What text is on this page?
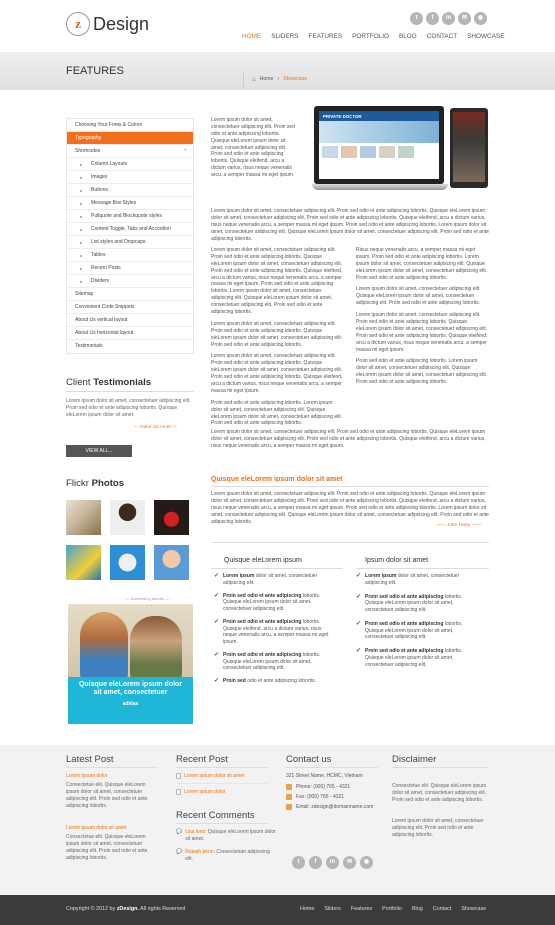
z Design	t	f	in	✉	◉
HOME SLIDERS FEATURES PORTFOLIO BLOG CONTACT SHOWCASE
FEATURES
⌂ Home › Showcase
Choosing Your Fonts & Colors
Typography
Shortcodes	+
Column Layouts
Images
Buttons
Message Box Styles
Pullquote and Blockquote styles
Content Toggle, Tabs and Accordion
List styles and Dropcaps
Tables
Recent Posts
Dividers
Sitemap
Convenient Code Snippets
About Us vertical layout
About Us horizontal layout
Testimonials
Client Testimonials

Lorem ipsum dolor sit amet, consectetuer adipiscing elit. Proin sed odio et ante adipiscing lobortis. Quisque eleLorem ipsum dolor sit amet.

— Dolor Sit Amet —
VIEW ALL...
Flickr Photos
— Advertising banner —
Quisque eleLorem ipsum dolor sit amet, consectetuer
adidas

Lorem ipsum dolor sit amet, consectetuer adipiscing elit. Proin sed odio et ante adipiscing lobortis. Quisque eleLorem ipsum dolor sit amet, consectetuer adipiscing elit. Proin sed odio et ante adipiscing lobortis. Quisque eleifend, arcu a dictum varius, risus neque venenatis arcu, a semper massa mi eget ipsum.

PRIVATE DOCTOR

Lorem ipsum dolor sit amet, consectetuer adipiscing elit. Proin sed odio et ante adipiscing lobortis. Quisque eleLorem ipsum dolor sit amet, consectetuer adipiscing elit. Proin sed odio et ante adipiscing lobortis. Quisque eleifend, arcu a dictum varius, risus neque venenatis arcu, a semper massa mi eget ipsum. Proin sed odio et ante adipiscing lobortis. Lorem ipsum dolor sit amet, consectetuer adipiscing elit. Quisque eleLorem ipsum dolor sit amet, consectetuer adipiscing elit. Proin sed odio et ante adipiscing lobortis.

Lorem ipsum dolor sit amet, consectetuer adipiscing elit. Proin sed odio et ante adipiscing lobortis. Quisque eleLorem ipsum dolor sit amet, consectetuer adipiscing elit. Proin sed odio et ante adipiscing lobortis. Quisque eleifend, arcu a dictum varius, risus neque venenatis arcu, a semper massa mi eget ipsum. Proin sed odio et ante adipiscing lobortis. Lorem ipsum dolor sit amet, consectetuer adipiscing elit. Quisque eleLorem ipsum dolor sit amet, consectetuer adipiscing elit. Proin sed odio et ante adipiscing lobortis.

Lorem ipsum dolor sit amet, consectetuer adipiscing elit. Proin sed odio et ante adipiscing lobortis. Quisque eleLorem ipsum dolor sit amet, consectetuer adipiscing elit. Proin sed odio et ante adipiscing lobortis.

Lorem ipsum dolor sit amet, consectetuer adipiscing elit. Proin sed odio et ante adipiscing lobortis. Quisque eleLorem ipsum dolor sit amet, consectetuer adipiscing elit. Proin sed odio et ante adipiscing lobortis. Quisque eleifend, arcu a dictum varius, risus neque venenatis arcu, a semper massa mi eget ipsum.

Proin sed odio et ante adipiscing lobortis. Lorem ipsum dolor sit amet, consectetuer adipiscing elit. Quisque eleLorem ipsum dolor sit amet, consectetuer adipiscing elit. Proin sed odio et ante adipiscing lobortis.

Risus neque venenatis arcu, a semper massa mi eget ipsum. Proin sed odio et ante adipiscing lobortis. Lorem ipsum dolor sit amet, consectetuer adipiscing elit. Quisque eleLorem ipsum dolor sit amet, consectetuer adipiscing elit. Proin sed odio et ante adipiscing lobortis.

Lorem ipsum dolor sit amet, consectetuer adipiscing elit. Quisque eleLorem ipsum dolor sit amet, consectetuer adipiscing elit. Proin sed odio et ante adipiscing lobortis.

Lorem ipsum dolor sit amet, consectetuer adipiscing elit. Proin sed odio et ante adipiscing lobortis. Quisque eleLorem ipsum dolor sit amet, consectetuer adipiscing elit. Proin sed odio et ante adipiscing lobortis. Quisque eleifend, arcu a dictum varius, risus neque venenatis arcu, a semper massa mi eget ipsum.

Proin sed odio et ante adipiscing lobortis. Lorem ipsum dolor sit amet, consectetuer adipiscing elit. Quisque eleLorem ipsum dolor sit amet, consectetuer adipiscing elit. Proin sed odio et ante adipiscing lobortis.

Lorem ipsum dolor sit amet, consectetuer adipiscing elit. Proin sed odio et ante adipiscing lobortis. Quisque eleLorem ipsum dolor sit amet, consectetuer adipiscing elit. Proin sed odio et ante adipiscing lobortis. Quisque eleifend, arcu a dictum varius, risus neque venenatis arcu, a semper massa mi eget ipsum.

Quisque eleLorem ipsum dolor sit amet

Lorem ipsum dolor sit amet, consectetuer adipiscing elit. Proin sed odio et ante adipiscing lobortis. Quisque eleLorem ipsum dolor sit amet, consectetuer adipiscing elit. Proin sed odio et ante adipiscing lobortis. Quisque eleifend, arcu a dictum varius, risus neque venenatis arcu, a semper massa mi eget ipsum. Proin sed odio et ante adipiscing lobortis. Lorem ipsum dolor sit amet, consectetuer adipiscing elit. Quisque eleLorem ipsum dolor sit amet, consectetuer adipiscing elit. Proin sed odio et ante adipiscing lobortis.

—— John Harry ——
Quisque eleLorem ipsum
✓ Lorem ipsum dolor sit amet, consectetuer adipiscing elit.
✓ Proin sed odio et ante adipiscing lobortis. Quisque eleLorem ipsum dolor sit amet, consectetuer adipiscing elit.
✓ Proin sed odio et ante adipiscing lobortis. Quisque eleifend, arcu a dictum varius, risus neque venenatis arcu, a semper massa mi eget ipsum.
✓ Proin sed odio et ante adipiscing lobortis. Quisque eleLorem ipsum dolor sit amet, consectetuer adipiscing elit.
✓ Proin sed odio et ante adipiscing lobortis.
Ipsum dolor sit amet
✓ Lorem ipsum dolor sit amet, consectetuer adipiscing elit.
✓ Proin sed odio et ante adipiscing lobortis. Quisque eleLorem ipsum dolor sit amet, consectetuer adipiscing elit.
✓ Proin sed odio et ante adipiscing lobortis. Quisque eleLorem ipsum dolor sit amet, consectetuer adipiscing elit.
✓ Proin sed odio et ante adipiscing lobortis. Quisque eleLorem ipsum dolor sit amet, consectetuer adipiscing elit.
Latest Post
Lorem ipsum dolor

Consectetue elit. Quisque eleLorem ipsum dolor sit amet, consectetuer adipiscing elit. Proin sed odio et ante adipiscing lobortis.

Lorem ipsum dolor sit amet

Consectetue elit. Quisque eleLorem ipsum dolor sit amet, consectetuer adipiscing elit. Proin sed odio et ante adipiscing lobortis.

Recent Post
Lorem ipsum dolor sit amet
Lorem ipsum dolor
Recent Comments
💬 Lisa loriz: Quisque eleLorem ipsum dolor sit amet.
💬 Rojeph penn: Consectetuer adipiscing elit.
Contact us
321 Street Name, HCMC, Vietnam
Phone: (000) 765 - 4321
Fax: (000) 765 - 4321
Email: zdesign@domainname.com
t	f	in	✉	◉
Disclaimer

Consectetue elit. Quisque eleLorem ipsum dolor sit amet, consectetuer adipiscing elit. Proin sed odio et ante adipiscing lobortis.

Lorem ipsum dolor sit amet, consectetuer adipiscing elit. Proin sed odio et ante adipiscing lobortis.

Copyright © 2012 by zDesign. All rights Reserved	Home Sliders Features Portfolio Blog Contact Showcase
